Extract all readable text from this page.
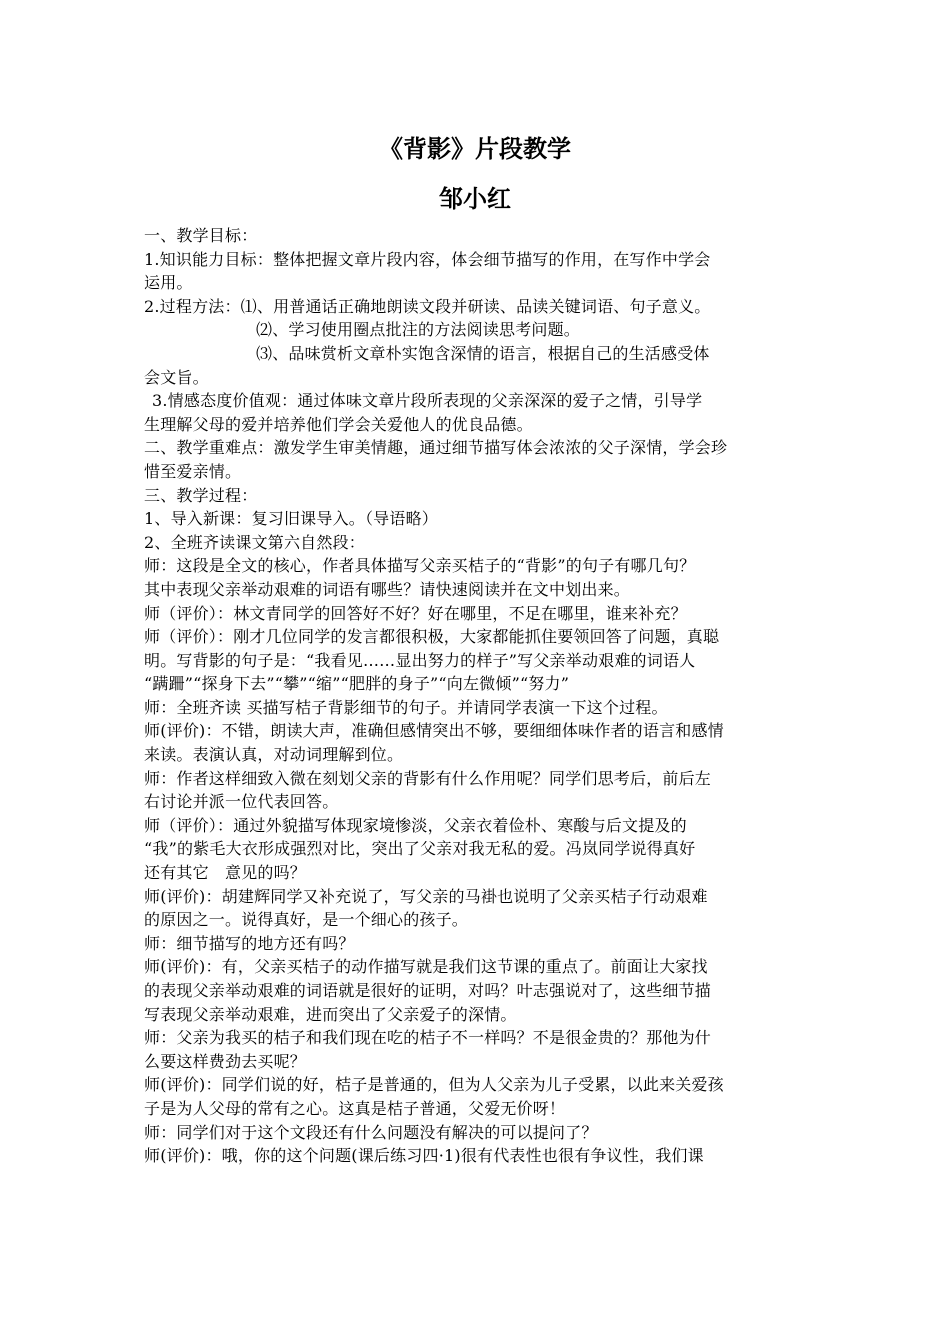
《背影》片段教学
邹小红
一、教学目标：
1.知识能力目标：整体把握文章片段内容，体会细节描写的作用，在写作中学会
运用。
2.过程方法：⑴、用普通话正确地朗读文段并研读、品读关键词语、句子意义。
⑵、学习使用圈点批注的方法阅读思考问题。
⑶、品味赏析文章朴实饱含深情的语言，根据自己的生活感受体
会文旨。
3.情感态度价值观：通过体味文章片段所表现的父亲深深的爱子之情，引导学
生理解父母的爱并培养他们学会关爱他人的优良品德。
二、教学重难点：激发学生审美情趣，通过细节描写体会浓浓的父子深情，学会珍
惜至爱亲情。
三、教学过程：
1、导入新课：复习旧课导入。（导语略）
2、全班齐读课文第六自然段：
师：这段是全文的核心，作者具体描写父亲买桔子的“背影”的句子有哪几句？
其中表现父亲举动艰难的词语有哪些？请快速阅读并在文中划出来。
师（评价）：林文青同学的回答好不好？好在哪里，不足在哪里，谁来补充？
师（评价）：刚才几位同学的发言都很积极，大家都能抓住要领回答了问题，真聪
明。写背影的句子是：“我看见……显出努力的样子”写父亲举动艰难的词语人
“蹒跚”“探身下去”“攀”“缩”“肥胖的身子”“向左微倾”“努力”
师：全班齐读 买描写桔子背影细节的句子。并请同学表演一下这个过程。
师(评价)：不错，朗读大声，准确但感情突出不够，要细细体味作者的语言和感情
来读。表演认真，对动词理解到位。
师：作者这样细致入微在刻划父亲的背影有什么作用呢？同学们思考后，前后左
右讨论并派一位代表回答。
师（评价）：通过外貌描写体现家境惨淡，父亲衣着俭朴、寒酸与后文提及的
“我”的紫毛大衣形成强烈对比，突出了父亲对我无私的爱。冯岚同学说得真好
还有其它　意见的吗？
师(评价)：胡建辉同学又补充说了，写父亲的马褂也说明了父亲买桔子行动艰难
的原因之一。说得真好，是一个细心的孩子。
师：细节描写的地方还有吗？
师(评价)：有，父亲买桔子的动作描写就是我们这节课的重点了。前面让大家找
的表现父亲举动艰难的词语就是很好的证明，对吗？叶志强说对了，这些细节描
写表现父亲举动艰难，进而突出了父亲爱子的深情。
师：父亲为我买的桔子和我们现在吃的桔子不一样吗？不是很金贵的？那他为什
么要这样费劲去买呢？
师(评价)：同学们说的好，桔子是普通的，但为人父亲为儿子受累，以此来关爱孩
子是为人父母的常有之心。这真是桔子普通，父爱无价呀！
师：同学们对于这个文段还有什么问题没有解决的可以提问了？
师(评价)：哦，你的这个问题(课后练习四·1)很有代表性也很有争议性，我们课
